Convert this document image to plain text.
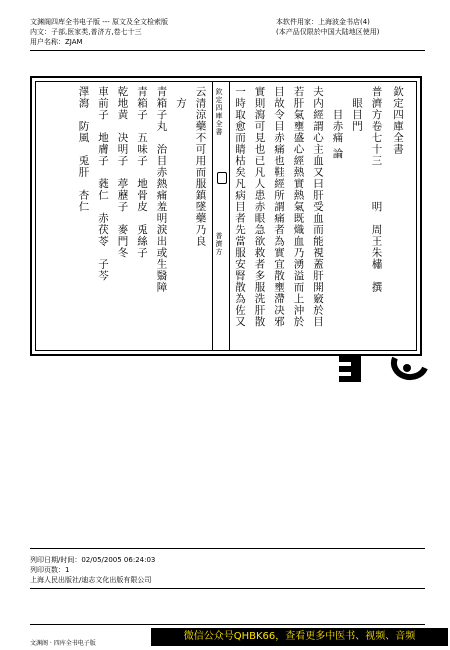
文渊阁四库全书电子版 --- 原文及全文检索版
内文：子部,医家类,普济方,卷七十三
用户名称：ZJAM
本软件用家：上海波金书店(4)
(本产品仅限於中国大陆地区使用)
欽定四庫全書
普濟方
欽定四庫全書
普濟方卷七十三　　　明　周王朱橚　撰
　眼目門
　　目赤痛 論
夫内經謂心主血又曰肝受血而能視蓋肝開竅於目
若肝氣壅盛心經熱實熱氣既熾血乃湧溢而上沖於
目故令目赤痛也鞋經所謂痛者為實宜散壅滯决邪
實則瀉可見也已凡人患赤眼急欲救者多服洗肝散
一時取愈而睛枯矣凡病目者先當服安腎散為佐又
云清涼藥不可用而服鎮墜藥乃良
　方
青箱子丸　治目赤熱痛羞明淚出或生翳障
青箱子　五味子　地骨皮　兎絲子
乾地黄　决明子　葶藶子　麥門冬
車前子　地膚子　蕤仁　赤茯苓　子芩
澤瀉　防風　兎肝　杏仁
列印日期/时间：02/05/2005 06:24:03
列印页数：1
上海人民出版社/迪志文化出版有限公司
文渊阁 · 四库全书电子版
微信公众号QHBK66，查看更多中医书、视频、音频
